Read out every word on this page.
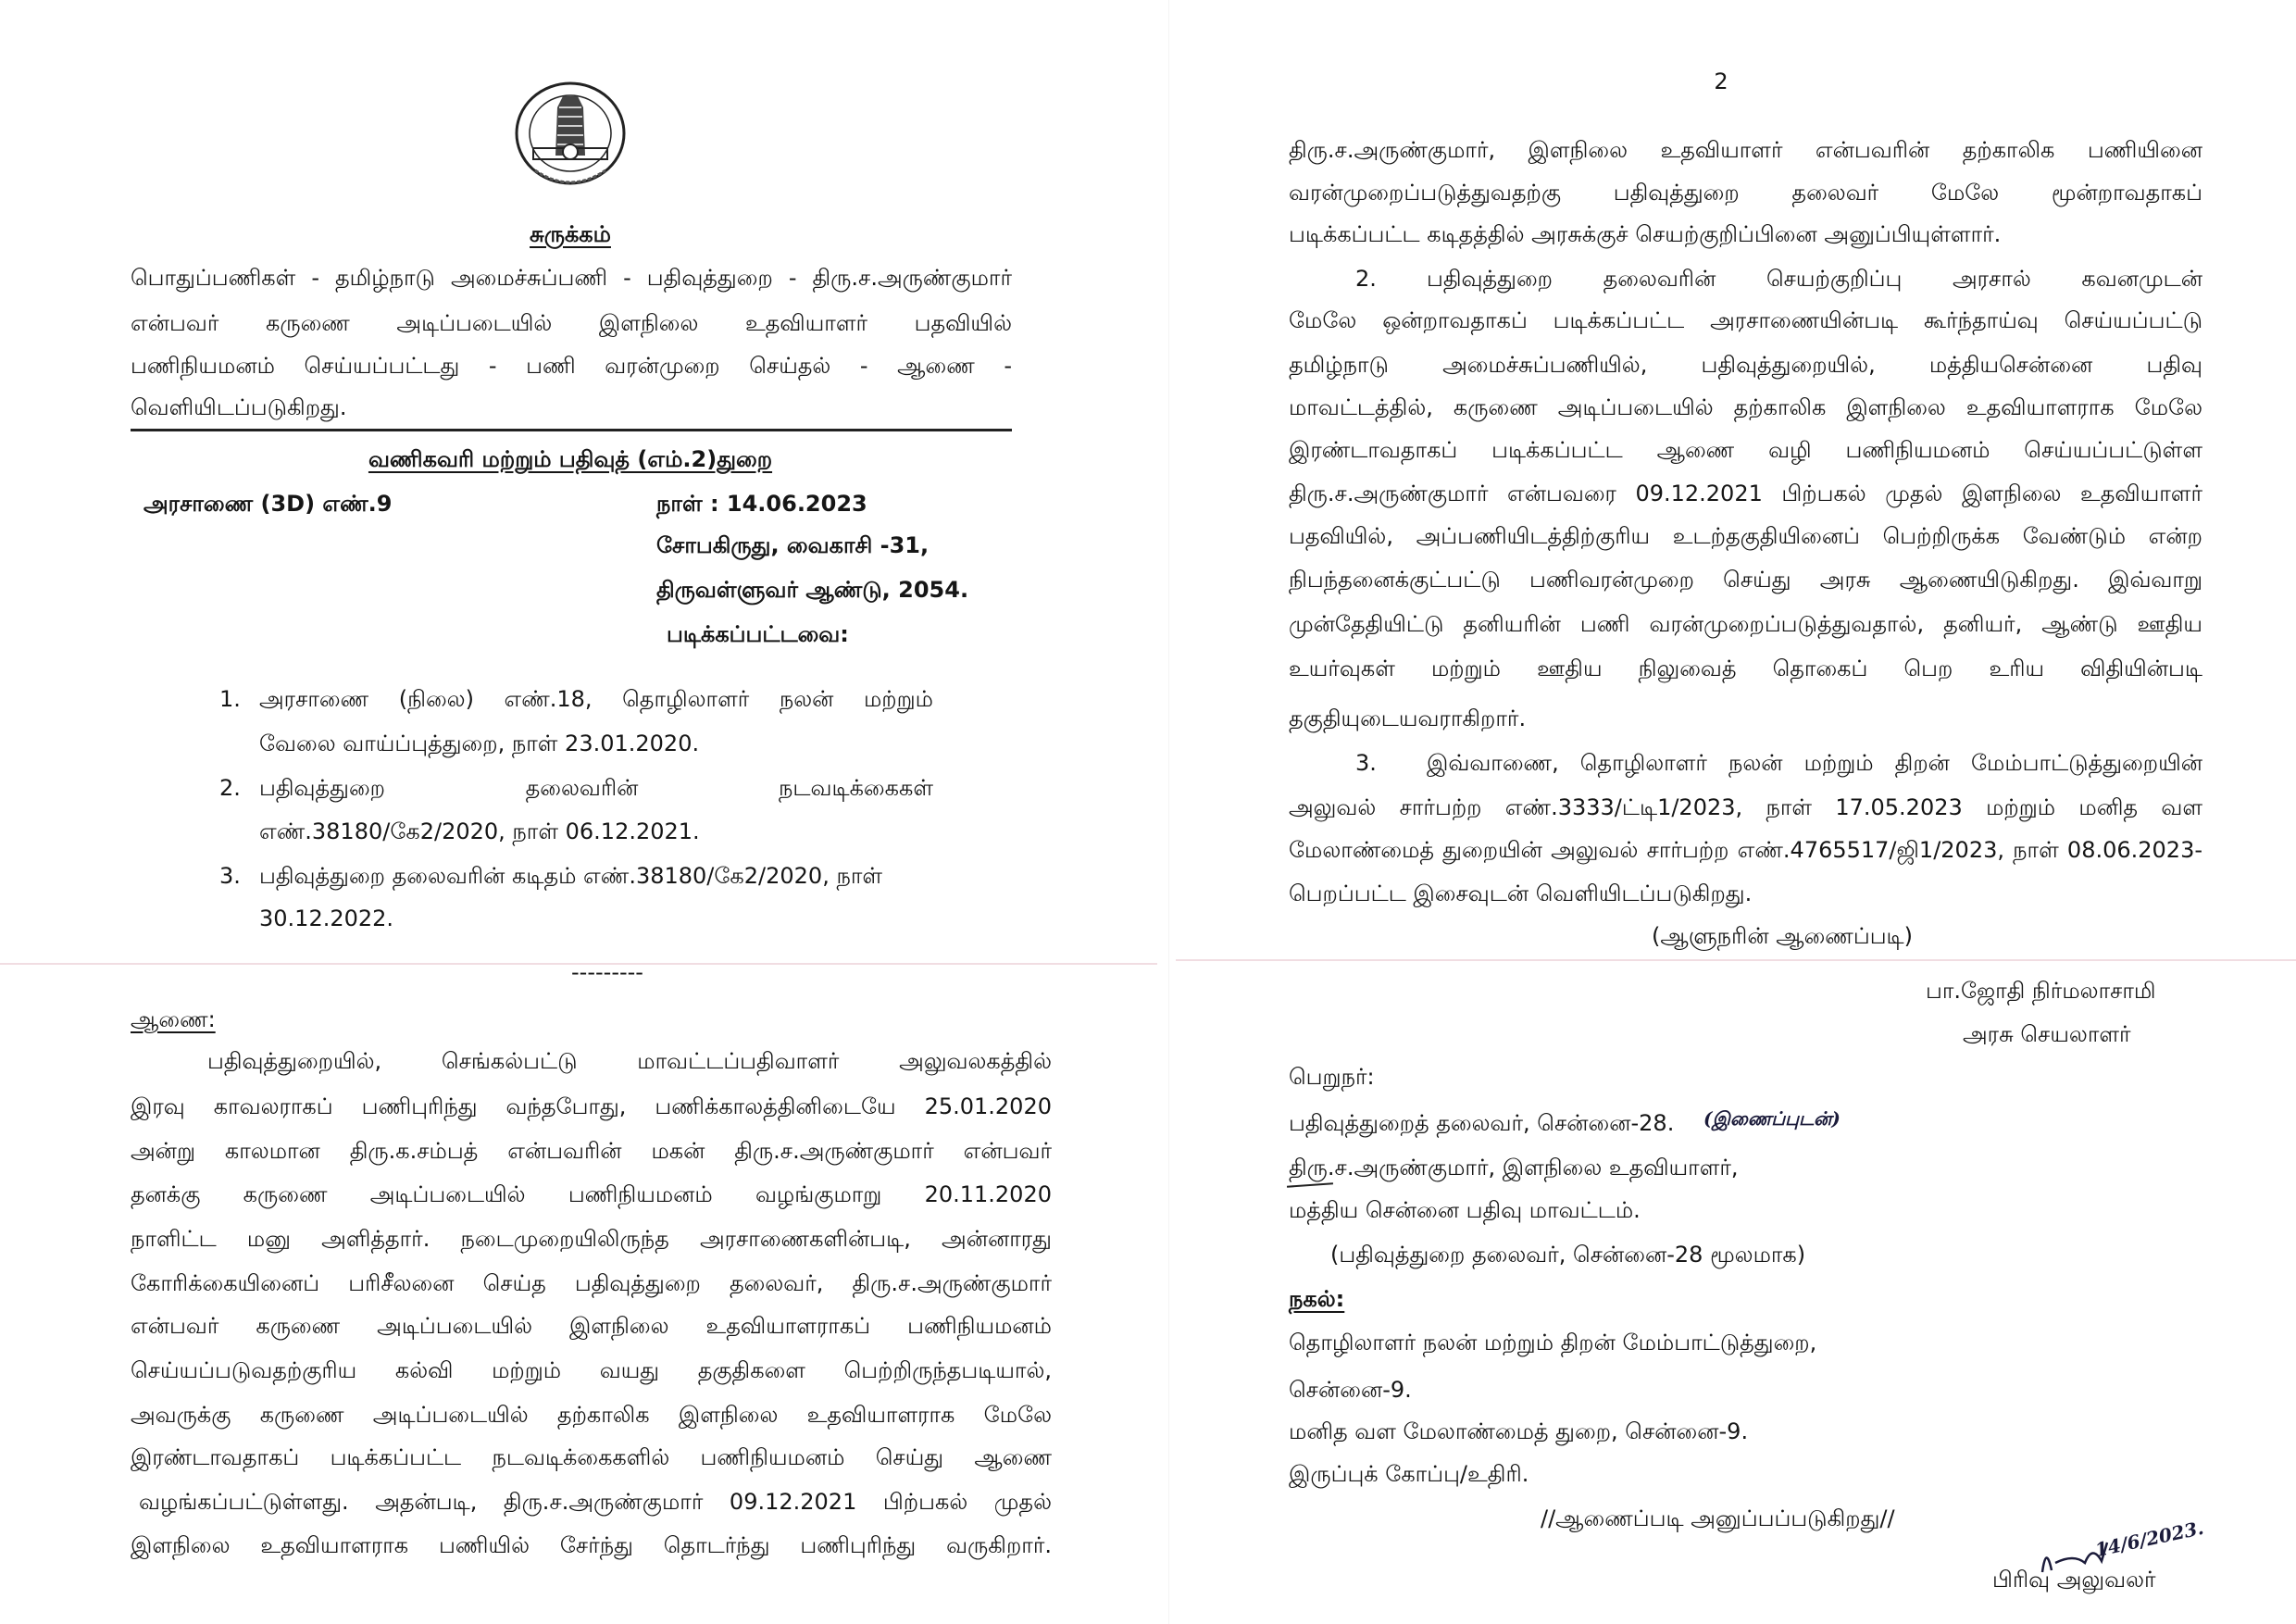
சுருக்கம்
பொதுப்பணிகள் - தமிழ்நாடு அமைச்சுப்பணி - பதிவுத்துறை - திரு.ச.அருண்குமார்
என்பவர் கருணை அடிப்படையில் இளநிலை உதவியாளர் பதவியில்
பணிநியமனம் செய்யப்பட்டது - பணி வரன்முறை செய்தல் - ஆணை -
வெளியிடப்படுகிறது.
வணிகவரி மற்றும் பதிவுத் (எம்.2)துறை
அரசாணை (3D) எண்.9	நாள் : 14.06.2023
சோபகிருது, வைகாசி -31,
திருவள்ளுவர் ஆண்டு, 2054.
படிக்கப்பட்டவை:
1. அரசாணை (நிலை) எண்.18, தொழிலாளர் நலன் மற்றும்
வேலை வாய்ப்புத்துறை, நாள் 23.01.2020.
2. பதிவுத்துறை தலைவரின் நடவடிக்கைகள்
எண்.38180/கே2/2020, நாள் 06.12.2021.
3. பதிவுத்துறை தலைவரின் கடிதம் எண்.38180/கே2/2020, நாள்
30.12.2022.
---------
ஆணை:
பதிவுத்துறையில், செங்கல்பட்டு மாவட்டப்பதிவாளர் அலுவலகத்தில்
இரவு காவலராகப் பணிபுரிந்து வந்தபோது, பணிக்காலத்தினிடையே 25.01.2020
அன்று காலமான திரு.க.சம்பத் என்பவரின் மகன் திரு.ச.அருண்குமார் என்பவர்
தனக்கு கருணை அடிப்படையில் பணிநியமனம் வழங்குமாறு 20.11.2020
நாளிட்ட மனு அளித்தார். நடைமுறையிலிருந்த அரசாணைகளின்படி, அன்னாரது
கோரிக்கையினைப் பரிசீலனை செய்த பதிவுத்துறை தலைவர், திரு.ச.அருண்குமார்
என்பவர் கருணை அடிப்படையில் இளநிலை உதவியாளராகப் பணிநியமனம்
செய்யப்படுவதற்குரிய கல்வி மற்றும் வயது தகுதிகளை பெற்றிருந்தபடியால்,
அவருக்கு கருணை அடிப்படையில் தற்காலிக இளநிலை உதவியாளராக மேலே
இரண்டாவதாகப் படிக்கப்பட்ட நடவடிக்கைகளில் பணிநியமனம் செய்து ஆணை
வழங்கப்பட்டுள்ளது. அதன்படி, திரு.ச.அருண்குமார் 09.12.2021 பிற்பகல் முதல்
இளநிலை உதவியாளராக பணியில் சேர்ந்து தொடர்ந்து பணிபுரிந்து வருகிறார்.
2
திரு.ச.அருண்குமார், இளநிலை உதவியாளர் என்பவரின் தற்காலிக பணியினை
வரன்முறைப்படுத்துவதற்கு பதிவுத்துறை தலைவர் மேலே மூன்றாவதாகப்
படிக்கப்பட்ட கடிதத்தில் அரசுக்குச் செயற்குறிப்பினை அனுப்பியுள்ளார்.
2. பதிவுத்துறை தலைவரின் செயற்குறிப்பு அரசால் கவனமுடன்
மேலே ஒன்றாவதாகப் படிக்கப்பட்ட அரசாணையின்படி கூர்ந்தாய்வு செய்யப்பட்டு
தமிழ்நாடு அமைச்சுப்பணியில், பதிவுத்துறையில், மத்தியசென்னை பதிவு
மாவட்டத்தில், கருணை அடிப்படையில் தற்காலிக இளநிலை உதவியாளராக மேலே
இரண்டாவதாகப் படிக்கப்பட்ட ஆணை வழி பணிநியமனம் செய்யப்பட்டுள்ள
திரு.ச.அருண்குமார் என்பவரை 09.12.2021 பிற்பகல் முதல் இளநிலை உதவியாளர்
பதவியில், அப்பணியிடத்திற்குரிய உடற்தகுதியினைப் பெற்றிருக்க வேண்டும் என்ற
நிபந்தனைக்குட்பட்டு பணிவரன்முறை செய்து அரசு ஆணையிடுகிறது. இவ்வாறு
முன்தேதியிட்டு தனியரின் பணி வரன்முறைப்படுத்துவதால், தனியர், ஆண்டு ஊதிய
உயர்வுகள் மற்றும் ஊதிய நிலுவைத் தொகைப் பெற உரிய விதியின்படி
தகுதியுடையவராகிறார்.
3. இவ்வாணை, தொழிலாளர் நலன் மற்றும் திறன் மேம்பாட்டுத்துறையின்
அலுவல் சார்பற்ற எண்.3333/ட்டி1/2023, நாள் 17.05.2023 மற்றும் மனித வள
மேலாண்மைத் துறையின் அலுவல் சார்பற்ற எண்.4765517/ஜி1/2023, நாள் 08.06.2023-
பெறப்பட்ட இசைவுடன் வெளியிடப்படுகிறது.
(ஆளுநரின் ஆணைப்படி)
பா.ஜோதி நிர்மலாசாமி
அரசு செயலாளர்
பெறுநர்:
பதிவுத்துறைத் தலைவர், சென்னை-28. (இணைப்புடன்)
திரு.ச.அருண்குமார், இளநிலை உதவியாளர்,
மத்திய சென்னை பதிவு மாவட்டம்.
(பதிவுத்துறை தலைவர், சென்னை-28 மூலமாக)
நகல்:
தொழிலாளர் நலன் மற்றும் திறன் மேம்பாட்டுத்துறை,
சென்னை-9.
மனித வள மேலாண்மைத் துறை, சென்னை-9.
இருப்புக் கோப்பு/உதிரி.
//ஆணைப்படி அனுப்பப்படுகிறது//	14/6/2023.
பிரிவு அலுவலர்
